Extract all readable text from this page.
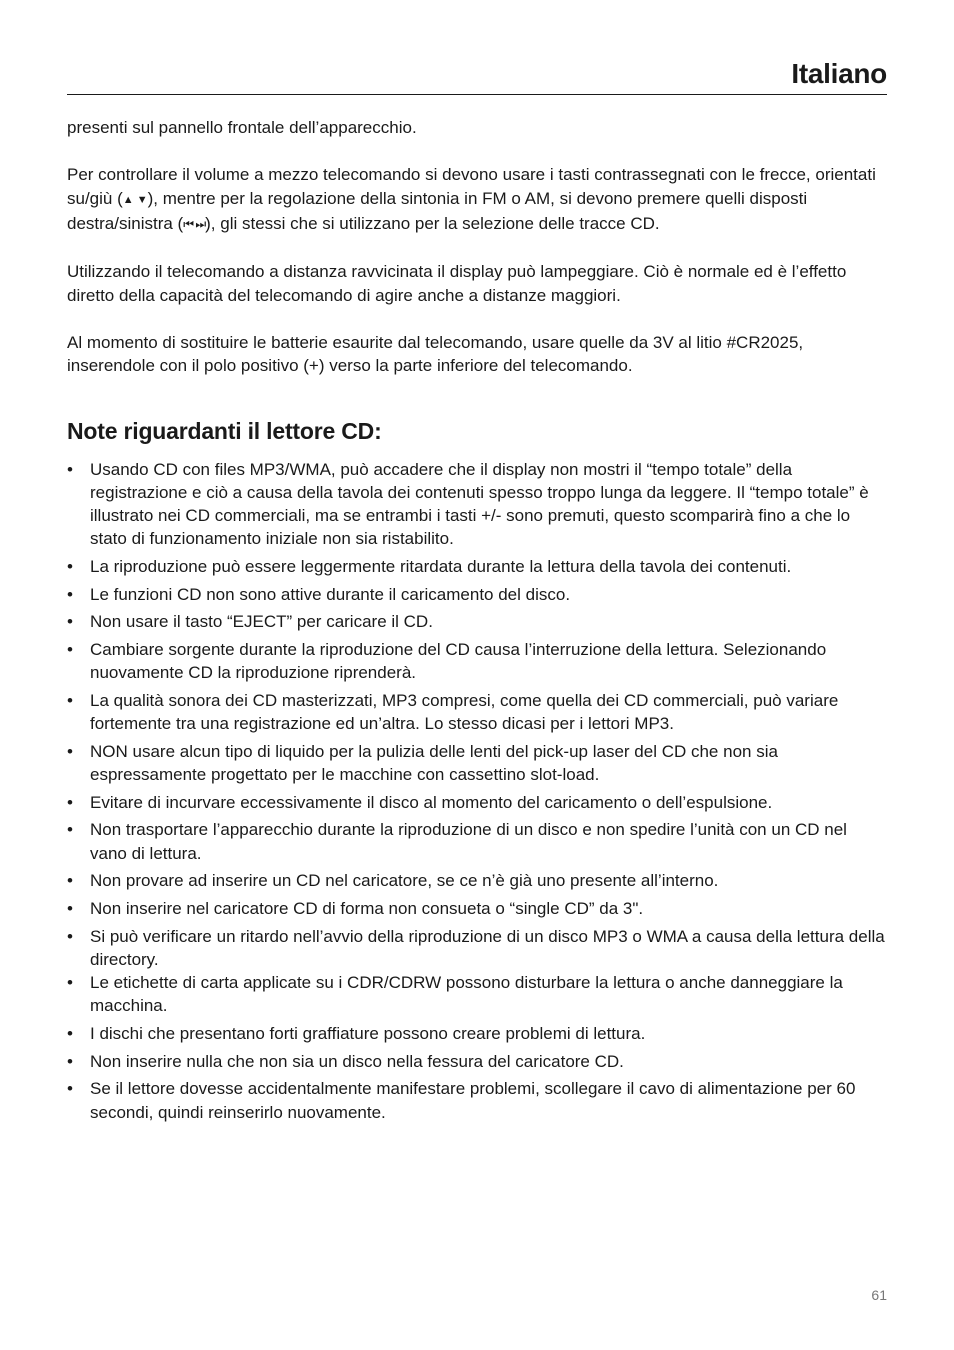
Italiano

presenti sul pannello frontale dell’apparecchio.

Per controllare il volume a mezzo telecomando si devono usare i tasti contrassegnati con le frecce, orientati su/giù (▲ ▼), mentre per la regolazione della sintonia in FM o AM, si devono premere quelli disposti destra/sinistra (⏮ ⏭), gli stessi che si utilizzano per la selezione delle tracce CD.

Utilizzando il telecomando a distanza ravvicinata il display può lampeggiare. Ciò è normale ed è l’effetto diretto della capacità del telecomando di agire anche a distanze maggiori.

Al momento di sostituire le batterie esaurite dal telecomando, usare quelle da 3V al litio #CR2025, inserendole con il polo positivo (+) verso la parte inferiore del telecomando.

Note riguardanti il lettore CD:
• Usando CD con files MP3/WMA, può accadere che il display non mostri il “tempo totale” della registrazione e ciò a causa della tavola dei contenuti spesso troppo lunga da leggere. Il “tempo totale” è illustrato nei CD commerciali, ma se entrambi i tasti +/- sono premuti, questo scomparirà fino a che lo stato di funzionamento iniziale non sia ristabilito.
• La riproduzione può essere leggermente ritardata durante la lettura della tavola dei contenuti.
• Le funzioni CD non sono attive durante il caricamento del disco.
• Non usare il tasto “EJECT” per caricare il CD.
• Cambiare sorgente durante la riproduzione del CD causa l’interruzione della lettura. Selezionando nuovamente CD la riproduzione riprenderà.
• La qualità sonora dei CD masterizzati, MP3 compresi, come quella dei CD commerciali, può variare fortemente tra una registrazione ed un’altra. Lo stesso dicasi per i lettori MP3.
• NON usare alcun tipo di liquido per la pulizia delle lenti del pick-up laser del CD che non sia espressamente progettato per le macchine con cassettino slot-load.
• Evitare di incurvare eccessivamente il disco al momento del caricamento o dell’espulsione.
• Non trasportare l’apparecchio durante la riproduzione di un disco e non spedire l’unità con un CD nel vano di lettura.
• Non provare ad inserire un CD nel caricatore, se ce n’è già uno presente all’interno.
• Non inserire nel caricatore CD di forma non consueta o “single CD” da 3".
• Si può verificare un ritardo nell’avvio della riproduzione di un disco MP3 o WMA a causa della lettura della directory.
• Le etichette di carta applicate su i CDR/CDRW possono disturbare la lettura o anche danneggiare la macchina.
• I dischi che presentano forti graffiature possono creare problemi di lettura.
• Non inserire nulla che non sia un disco nella fessura del caricatore CD.
• Se il lettore dovesse accidentalmente manifestare problemi, scollegare il cavo di alimentazione per 60 secondi, quindi reinserirlo nuovamente.
61
